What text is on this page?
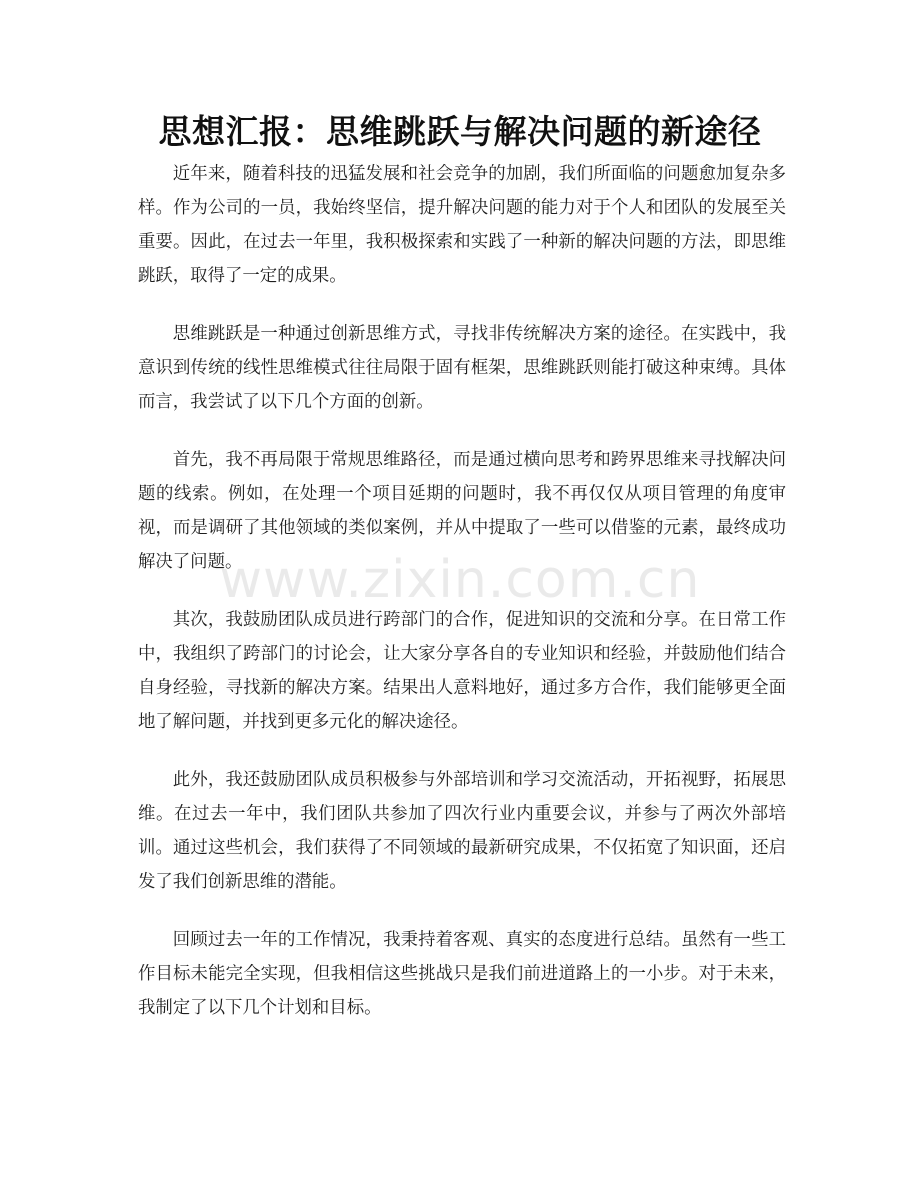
思想汇报：思维跳跃与解决问题的新途径

近年来，随着科技的迅猛发展和社会竞争的加剧，我们所面临的问题愈加复杂多样。作为公司的一员，我始终坚信，提升解决问题的能力对于个人和团队的发展至关重要。因此，在过去一年里，我积极探索和实践了一种新的解决问题的方法，即思维跳跃，取得了一定的成果。

思维跳跃是一种通过创新思维方式，寻找非传统解决方案的途径。在实践中，我意识到传统的线性思维模式往往局限于固有框架，思维跳跃则能打破这种束缚。具体而言，我尝试了以下几个方面的创新。

首先，我不再局限于常规思维路径，而是通过横向思考和跨界思维来寻找解决问题的线索。例如，在处理一个项目延期的问题时，我不再仅仅从项目管理的角度审视，而是调研了其他领域的类似案例，并从中提取了一些可以借鉴的元素，最终成功解决了问题。

其次，我鼓励团队成员进行跨部门的合作，促进知识的交流和分享。在日常工作中，我组织了跨部门的讨论会，让大家分享各自的专业知识和经验，并鼓励他们结合自身经验，寻找新的解决方案。结果出人意料地好，通过多方合作，我们能够更全面地了解问题，并找到更多元化的解决途径。

此外，我还鼓励团队成员积极参与外部培训和学习交流活动，开拓视野，拓展思维。在过去一年中，我们团队共参加了四次行业内重要会议，并参与了两次外部培训。通过这些机会，我们获得了不同领域的最新研究成果，不仅拓宽了知识面，还启发了我们创新思维的潜能。

回顾过去一年的工作情况，我秉持着客观、真实的态度进行总结。虽然有一些工作目标未能完全实现，但我相信这些挑战只是我们前进道路上的一小步。对于未来，我制定了以下几个计划和目标。

www.zixin.com.cn
